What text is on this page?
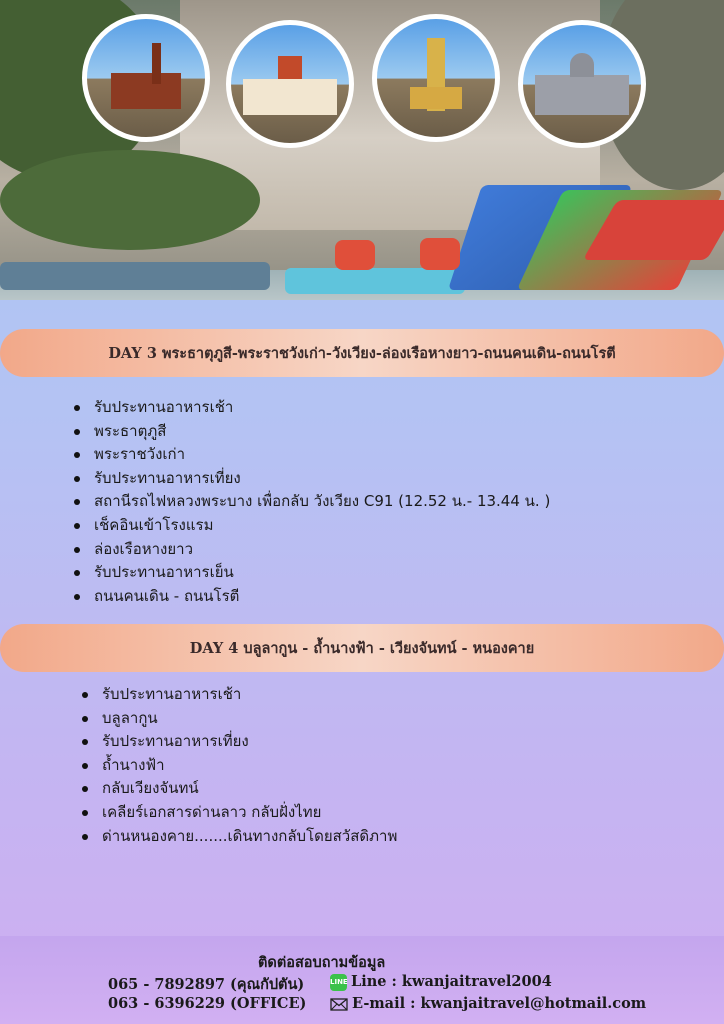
DAY 3 พระธาตุภูสี-พระราชวังเก่า-วังเวียง-ล่องเรือหางยาว-ถนนคนเดิน-ถนนโรตี
รับประทานอาหารเช้า
พระธาตุภูสี
พระราชวังเก่า
รับประทานอาหารเที่ยง
สถานีรถไฟหลวงพระบาง เพื่อกลับ วังเวียง C91 (12.52 น.- 13.44 น. )
เช็คอินเข้าโรงแรม
ล่องเรือหางยาว
รับประทานอาหารเย็น
ถนนคนเดิน - ถนนโรตี
DAY 4 บลูลากูน - ถ้ำนางฟ้า - เวียงจันทน์ - หนองคาย
รับประทานอาหารเช้า
บลูลากูน
รับประทานอาหารเที่ยง
ถ้ำนางฟ้า
กลับเวียงจันทน์
เคลียร์เอกสารด่านลาว กลับฝั่งไทย
ด่านหนองคาย.......เดินทางกลับโดยสวัสดิภาพ
ติดต่อสอบถามข้อมูล
065 - 7892897 (คุณกัปตัน)	LINE Line : kwanjaitravel2004
063 - 6396229 (OFFICE)	E-mail : kwanjaitravel@hotmail.com
